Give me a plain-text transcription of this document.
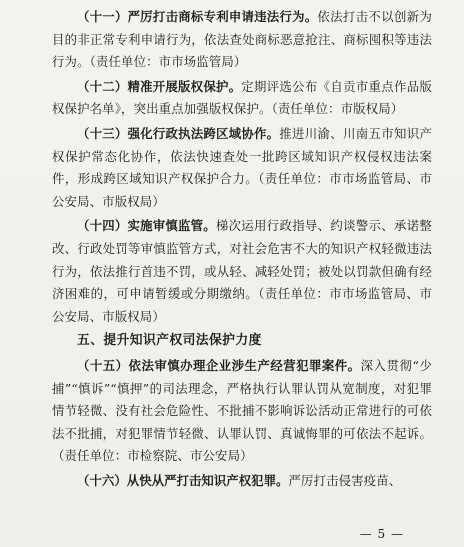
（十一）严厉打击商标专利申请违法行为。依法打击不以创新为目的非正常专利申请行为，依法查处商标恶意抢注、商标囤积等违法行为。（责任单位：市市场监管局）

（十二）精准开展版权保护。定期评选公布《自贡市重点作品版权保护名单》，突出重点加强版权保护。（责任单位：市版权局）

（十三）强化行政执法跨区域协作。推进川渝、川南五市知识产权保护常态化协作，依法快速查处一批跨区域知识产权侵权违法案件，形成跨区域知识产权保护合力。（责任单位：市市场监管局、市公安局、市版权局）

（十四）实施审慎监管。梯次运用行政指导、约谈警示、承诺整改、行政处罚等审慎监管方式，对社会危害不大的知识产权轻微违法行为，依法推行首违不罚，或从轻、减轻处罚；被处以罚款但确有经济困难的，可申请暂缓或分期缴纳。（责任单位：市市场监管局、市公安局、市版权局）

五、提升知识产权司法保护力度

（十五）依法审慎办理企业涉生产经营犯罪案件。深入贯彻“少捕”“慎诉”“慎押”的司法理念，严格执行认罪认罚从宽制度，对犯罪情节轻微、没有社会危险性、不批捕不影响诉讼活动正常进行的可依法不批捕，对犯罪情节轻微、认罪认罚、真诚悔罪的可依法不起诉。（责任单位：市检察院、市公安局）

（十六）从快从严打击知识产权犯罪。严厉打击侵害疫苗、

— 5 —
